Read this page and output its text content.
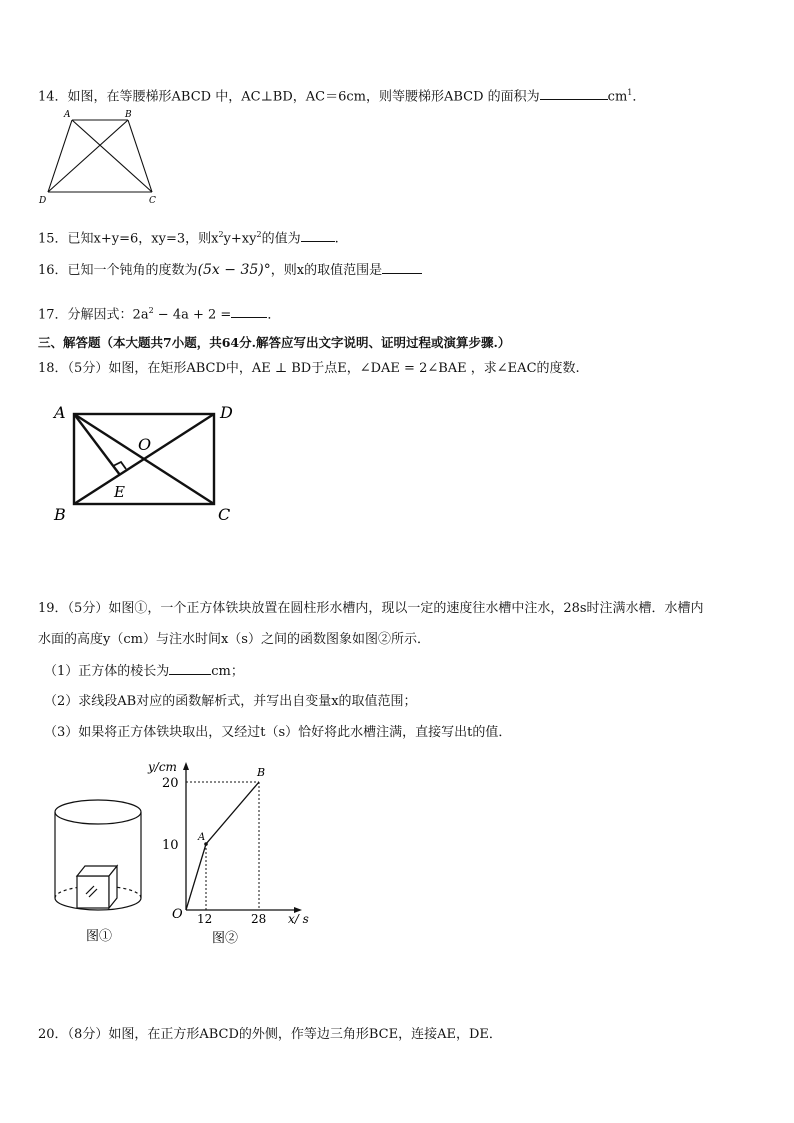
14．如图，在等腰梯形ABCD 中，AC⊥BD，AC＝6cm，则等腰梯形ABCD 的面积为	$cm^1$．
A	B
D	C
15．已知x+y=6，xy=3，则$x^2y+xy^2$的值为	.
16．已知一个钝角的度数为(5x − 35)°，则x的取值范围是
17．分解因式：$2a^2 - 4a + 2$ =	．
三、解答题（本大题共7小题，共64分.解答应写出文字说明、证明过程或演算步骤.）
18．（5分）如图，在矩形ABCD中，AE ⊥ BD于点E，∠DAE = 2∠BAE ，求∠EAC的度数.
A	D
B	C
O
E
19．（5分）如图①，一个正方体铁块放置在圆柱形水槽内，现以一定的速度往水槽中注水，28s时注满水槽．水槽内
水面的高度y（cm）与注水时间x（s）之间的函数图象如图②所示．
（1）正方体的棱长为	cm；
（2）求线段AB对应的函数解析式，并写出自变量x的取值范围；
（3）如果将正方体铁块取出，又经过t（s）恰好将此水槽注满，直接写出t的值．
图①
y/cm
x/ s
O
A
B
20
10
12	28
图②
20．（8分）如图，在正方形ABCD的外侧，作等边三角形BCE，连接AE，DE．
